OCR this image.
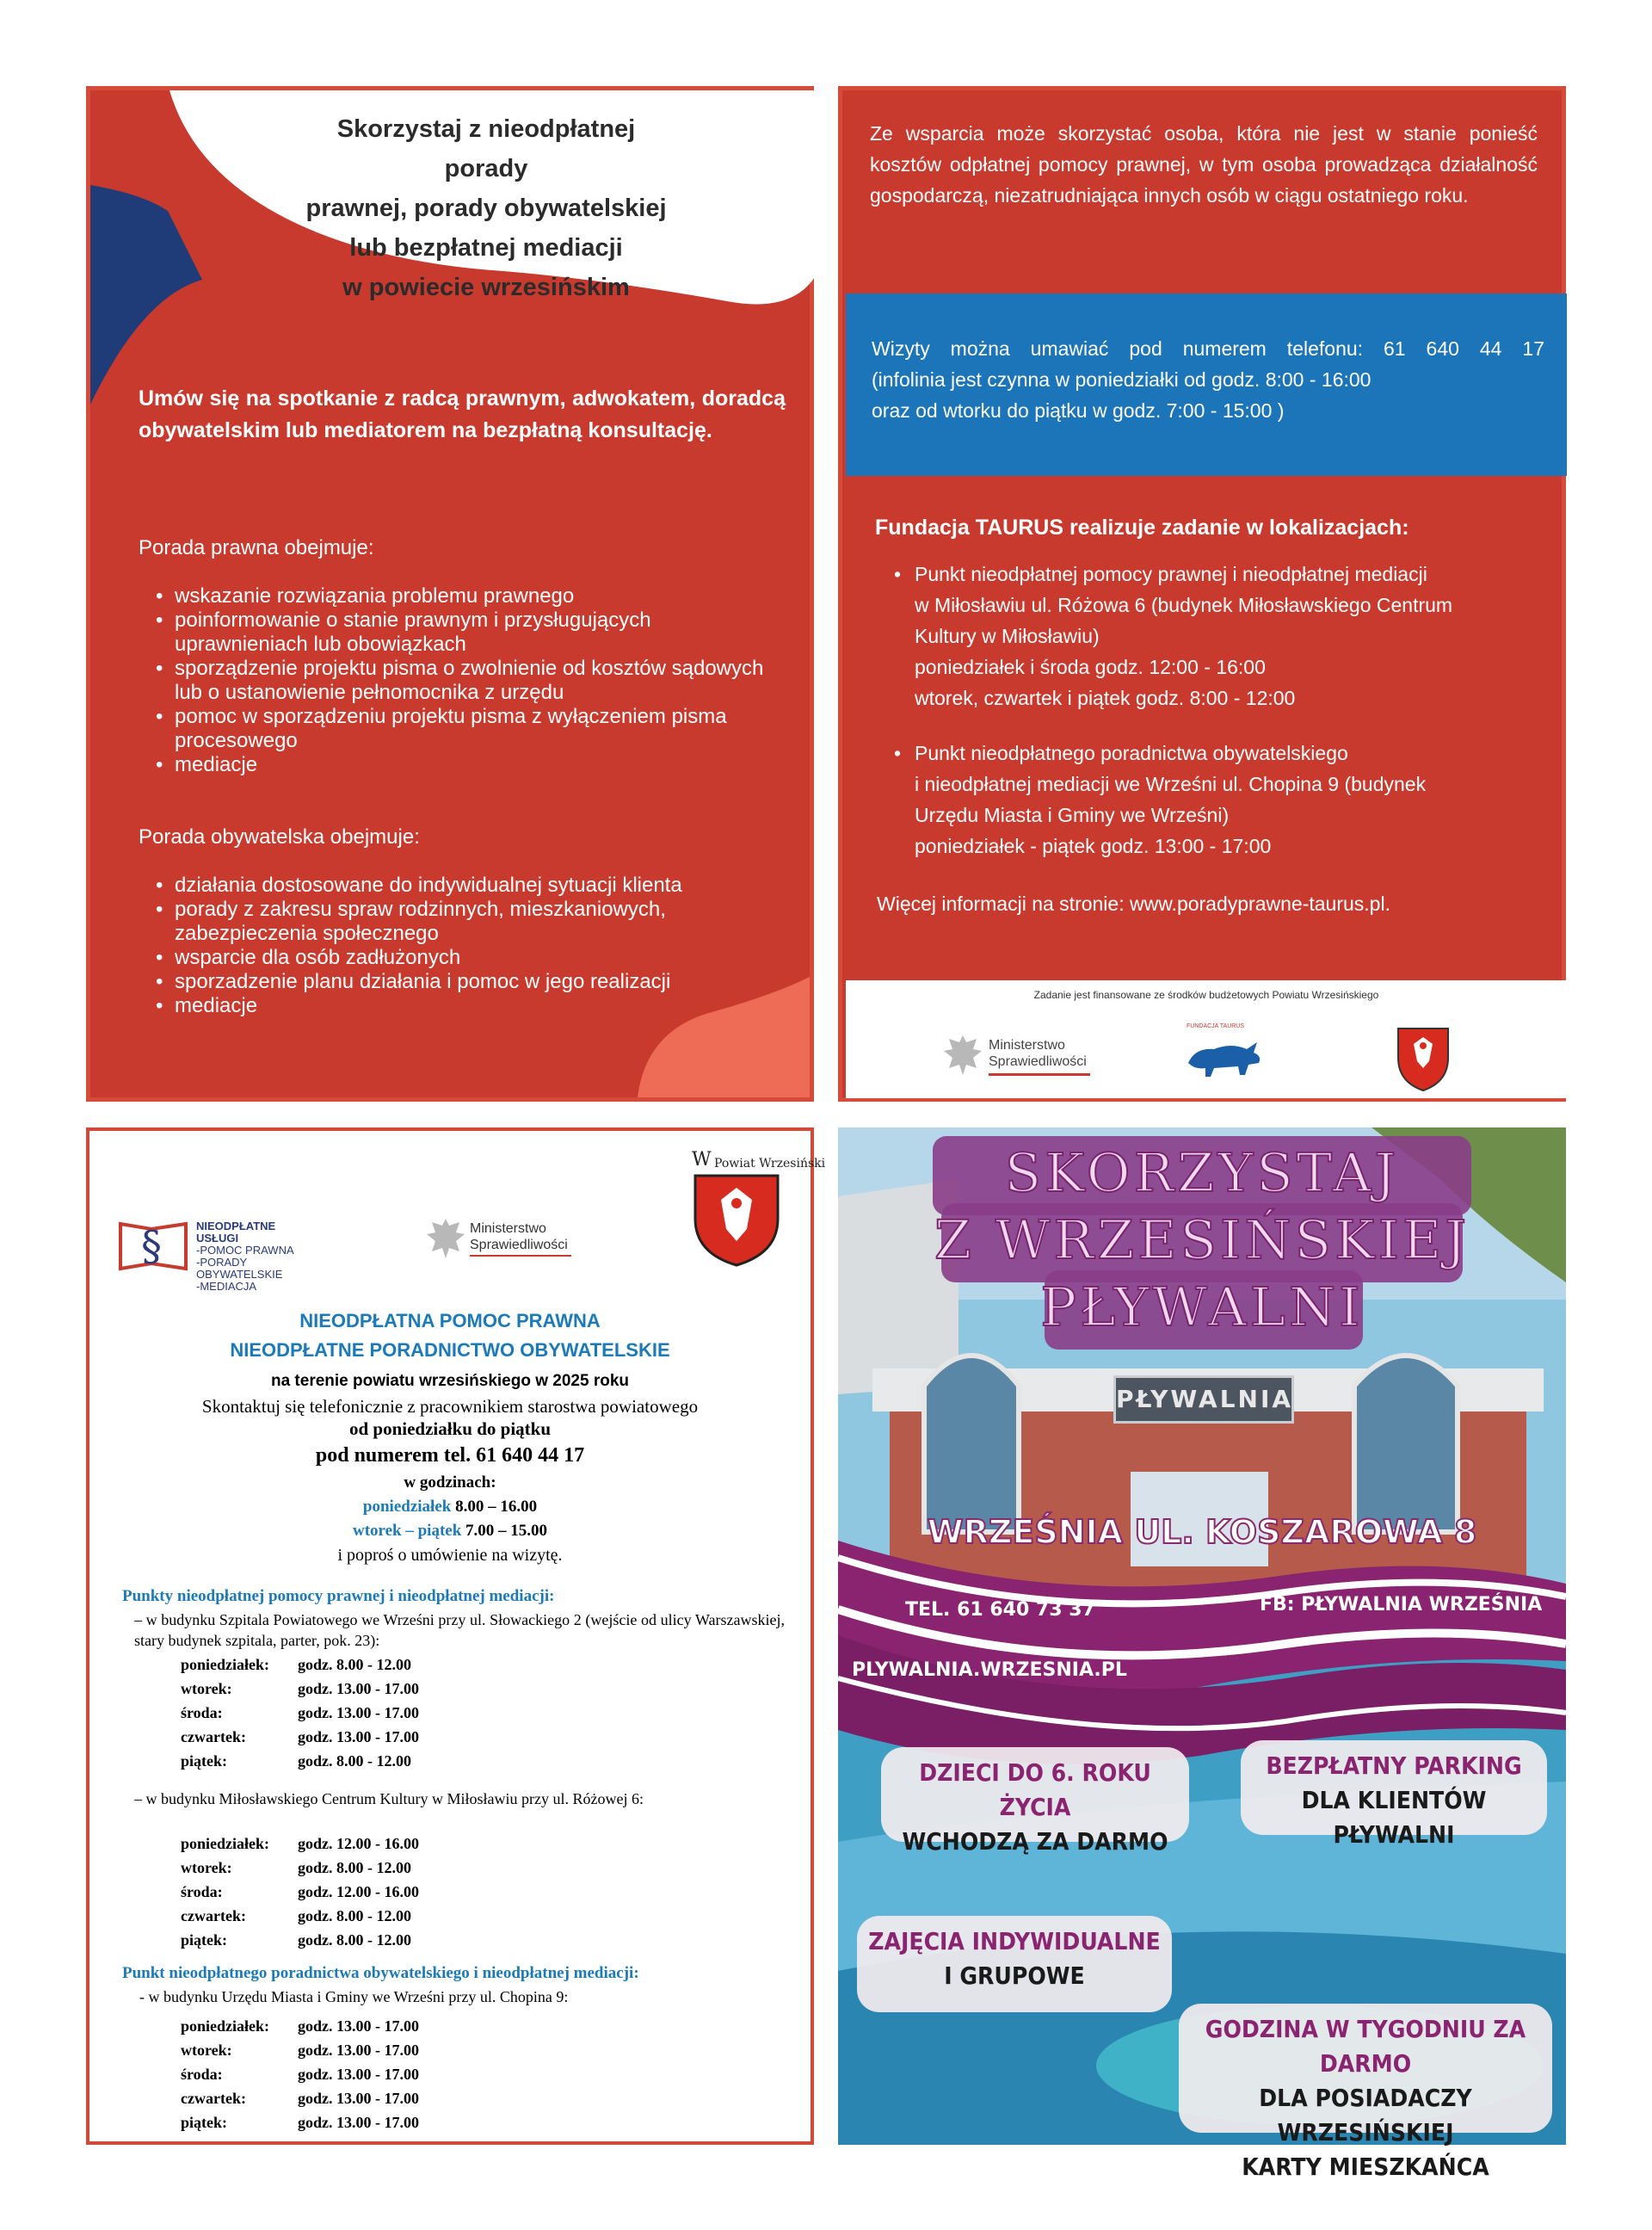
Skorzystaj z nieodpłatnej porady
prawnej, porady obywatelskiej
lub bezpłatnej mediacji
w powiecie wrzesińskim
Umów się na spotkanie z radcą prawnym, adwokatem, doradcą obywatelskim lub mediatorem na bezpłatną konsultację.
Porada prawna obejmuje:
• wskazanie rozwiązania problemu prawnego
• poinformowanie o stanie prawnym i przysługujących uprawnieniach lub obowiązkach
• sporządzenie projektu pisma o zwolnienie od kosztów sądowych lub o ustanowienie pełnomocnika z urzędu
• pomoc w sporządzeniu projektu pisma z wyłączeniem pisma procesowego
• mediacje
Porada obywatelska obejmuje:
• działania dostosowane do indywidualnej sytuacji klienta
• porady z zakresu spraw rodzinnych, mieszkaniowych, zabezpieczenia społecznego
• wsparcie dla osób zadłużonych
• sporzadzenie planu działania i pomoc w jego realizacji
• mediacje
Ze wsparcia może skorzystać osoba, która nie jest w stanie ponieść kosztów odpłatnej pomocy prawnej, w tym osoba prowadząca działalność gospodarczą, niezatrudniająca innych osób w ciągu ostatniego roku.
Wizyty można umawiać pod numerem telefonu: 61 640 44 17
(infolinia jest czynna w poniedziałki od godz. 8:00 - 16:00
oraz od wtorku do piątku w godz. 7:00 - 15:00 )
Fundacja TAURUS realizuje zadanie w lokalizacjach:
• Punkt nieodpłatnej pomocy prawnej i nieodpłatnej mediacji
w Miłosławiu ul. Różowa 6 (budynek Miłosławskiego Centrum
Kultury w Miłosławiu)
poniedziałek i środa godz. 12:00 - 16:00
wtorek, czwartek i piątek godz. 8:00 - 12:00
• Punkt nieodpłatnego poradnictwa obywatelskiego
i nieodpłatnej mediacji we Wrześni ul. Chopina 9 (budynek
Urzędu Miasta i Gminy we Wrześni)
poniedziałek - piątek godz. 13:00 - 17:00
Więcej informacji na stronie: www.poradyprawne-taurus.pl.
Zadanie jest finansowane ze środków budżetowych Powiatu Wrzesińskiego
Ministerstwo
Sprawiedliwości
FUNDACJA TAURUS
§	NIEODPŁATNE USŁUGI
-POMOC PRAWNA
-PORADY OBYWATELSKIE
-MEDIACJA
Ministerstwo
Sprawiedliwości
W Powiat Wrzesiński
NIEODPŁATNA POMOC PRAWNA
NIEODPŁATNE PORADNICTWO OBYWATELSKIE
na terenie powiatu wrzesińskiego w 2025 roku
Skontaktuj się telefonicznie z pracownikiem starostwa powiatowego
od poniedziałku do piątku
pod numerem tel. 61 640 44 17
w godzinach:
poniedziałek 8.00 – 16.00
wtorek – piątek 7.00 – 15.00
i poproś o umówienie na wizytę.
Punkty nieodpłatnej pomocy prawnej i nieodpłatnej mediacji:
– w budynku Szpitala Powiatowego we Wrześni przy ul. Słowackiego 2 (wejście od ulicy Warszawskiej, stary budynek szpitala, parter, pok. 23):
poniedziałek:	godz. 8.00 - 12.00
wtorek:	godz. 13.00 - 17.00
środa:	godz. 13.00 - 17.00
czwartek:	godz. 13.00 - 17.00
piątek:	godz. 8.00 - 12.00
– w budynku Miłosławskiego Centrum Kultury w Miłosławiu przy ul. Różowej 6:
poniedziałek:	godz. 12.00 - 16.00
wtorek:	godz. 8.00 - 12.00
środa:	godz. 12.00 - 16.00
czwartek:	godz. 8.00 - 12.00
piątek:	godz. 8.00 - 12.00
Punkt nieodpłatnego poradnictwa obywatelskiego i nieodpłatnej mediacji:
- w budynku Urzędu Miasta i Gminy we Wrześni przy ul. Chopina 9:
poniedziałek:	godz. 13.00 - 17.00
wtorek:	godz. 13.00 - 17.00
środa:	godz. 13.00 - 17.00
czwartek:	godz. 13.00 - 17.00
piątek:	godz. 13.00 - 17.00
SKORZYSTAJ
Z WRZESIŃSKIEJ
PŁYWALNI
PŁYWALNIA
WRZEŚNIA UL. KOSZAROWA 8
TEL. 61 640 73 37	FB: PŁYWALNIA WRZEŚNIA
PLYWALNIA.WRZESNIA.PL
DZIECI DO 6. ROKU ŻYCIA
WCHODZĄ ZA DARMO
BEZPŁATNY PARKING
DLA KLIENTÓW PŁYWALNI
ZAJĘCIA INDYWIDUALNE
I GRUPOWE
GODZINA W TYGODNIU ZA DARMO
DLA POSIADACZY WRZESIŃSKIEJ
KARTY MIESZKAŃCA
